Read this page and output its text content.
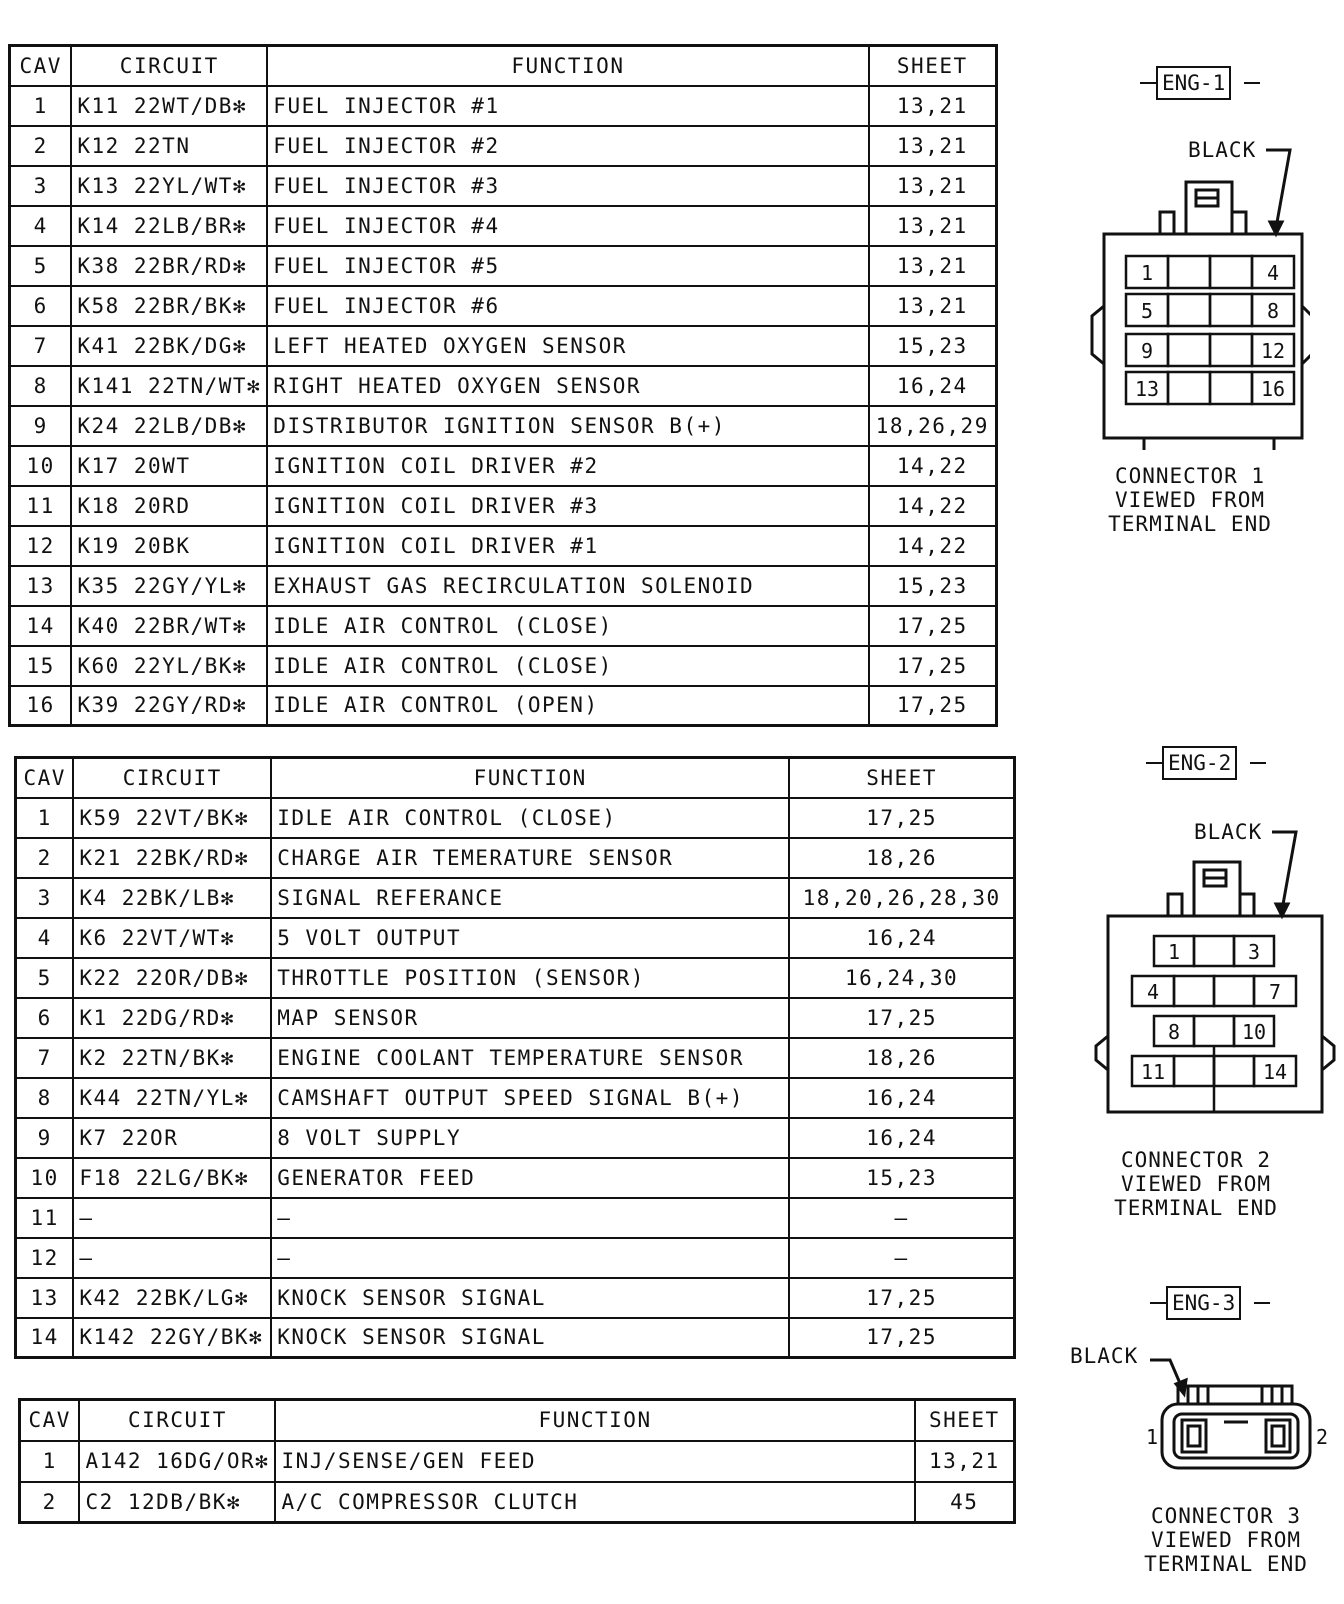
CAV	CIRCUIT	FUNCTION	SHEET
1	K11 22WT/DB✻	FUEL INJECTOR #1	13,21
2	K12 22TN	FUEL INJECTOR #2	13,21
3	K13 22YL/WT✻	FUEL INJECTOR #3	13,21
4	K14 22LB/BR✻	FUEL INJECTOR #4	13,21
5	K38 22BR/RD✻	FUEL INJECTOR #5	13,21
6	K58 22BR/BK✻	FUEL INJECTOR #6	13,21
7	K41 22BK/DG✻	LEFT HEATED OXYGEN SENSOR	15,23
8	K141 22TN/WT✻	RIGHT HEATED OXYGEN SENSOR	16,24
9	K24 22LB/DB✻	DISTRIBUTOR IGNITION SENSOR B(+)	18,26,29
10	K17 20WT	IGNITION COIL DRIVER #2	14,22
11	K18 20RD	IGNITION COIL DRIVER #3	14,22
12	K19 20BK	IGNITION COIL DRIVER #1	14,22
13	K35 22GY/YL✻	EXHAUST GAS RECIRCULATION SOLENOID	15,23
14	K40 22BR/WT✻	IDLE AIR CONTROL (CLOSE)	17,25
15	K60 22YL/BK✻	IDLE AIR CONTROL (CLOSE)	17,25
16	K39 22GY/RD✻	IDLE AIR CONTROL (OPEN)	17,25
CAV	CIRCUIT	FUNCTION	SHEET
1	K59 22VT/BK✻	IDLE AIR CONTROL (CLOSE)	17,25
2	K21 22BK/RD✻	CHARGE AIR TEMERATURE SENSOR	18,26
3	K4 22BK/LB✻	SIGNAL REFERANCE	18,20,26,28,30
4	K6 22VT/WT✻	5 VOLT OUTPUT	16,24
5	K22 22OR/DB✻	THROTTLE POSITION (SENSOR)	16,24,30
6	K1 22DG/RD✻	MAP SENSOR	17,25
7	K2 22TN/BK✻	ENGINE COOLANT TEMPERATURE SENSOR	18,26
8	K44 22TN/YL✻	CAMSHAFT OUTPUT SPEED SIGNAL B(+)	16,24
9	K7 22OR	8 VOLT SUPPLY	16,24
10	F18 22LG/BK✻	GENERATOR FEED	15,23
11	—	—	—
12	—	—	—
13	K42 22BK/LG✻	KNOCK SENSOR SIGNAL	17,25
14	K142 22GY/BK✻	KNOCK SENSOR SIGNAL	17,25
CAV	CIRCUIT	FUNCTION	SHEET
1	A142 16DG/OR✻	INJ/SENSE/GEN FEED	13,21
2	C2 12DB/BK✻	A/C COMPRESSOR CLUTCH	45
ENG-1
BLACK
1	4
5	8
9	12
13	16
CONNECTOR 1
VIEWED FROM
TERMINAL END
ENG-2
BLACK
1	3
4	7
8	10
11	14
CONNECTOR 2
VIEWED FROM
TERMINAL END
ENG-3
BLACK
1	2
CONNECTOR 3
VIEWED FROM
TERMINAL END
